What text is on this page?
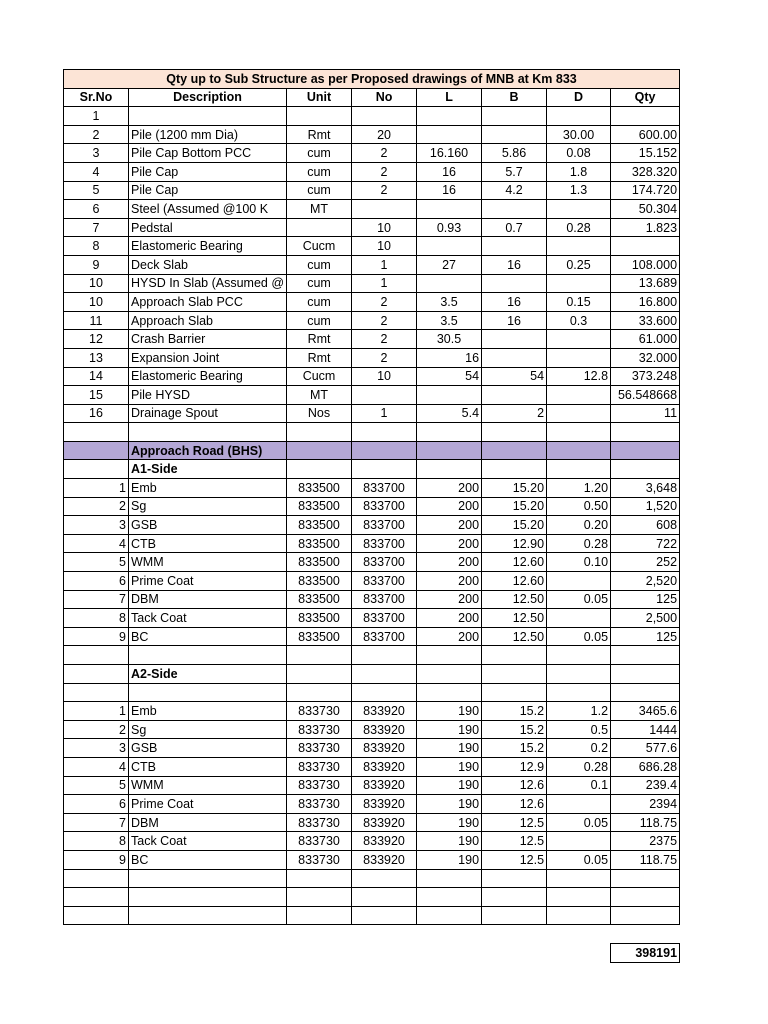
Qty up to Sub Structure as per Proposed drawings of MNB at Km 833							
Sr.No	Description	Unit	No	L	B	D	Qty
1							
2	Pile (1200 mm Dia)	Rmt	20			30.00	600.00
3	Pile Cap Bottom PCC	cum	2	16.160	5.86	0.08	15.152
4	Pile Cap	cum	2	16	5.7	1.8	328.320
5	Pile Cap	cum	2	16	4.2	1.3	174.720
6	Steel (Assumed @100 K	MT					50.304
7	Pedstal		10	0.93	0.7	0.28	1.823
8	Elastomeric Bearing	Cucm	10				
9	Deck Slab	cum	1	27	16	0.25	108.000
10	HYSD In Slab (Assumed @	cum	1				13.689
10	Approach Slab PCC	cum	2	3.5	16	0.15	16.800
11	Approach Slab	cum	2	3.5	16	0.3	33.600
12	Crash Barrier	Rmt	2	30.5			61.000
13	Expansion Joint	Rmt	2	16			32.000
14	Elastomeric Bearing	Cucm	10	54	54	12.8	373.248
15	Pile HYSD	MT					56.548668
16	Drainage Spout	Nos	1	5.4	2		11

	Approach Road (BHS)						
	A1-Side						
1	Emb	833500	833700	200	15.20	1.20	3,648
2	Sg	833500	833700	200	15.20	0.50	1,520
3	GSB	833500	833700	200	15.20	0.20	608
4	CTB	833500	833700	200	12.90	0.28	722
5	WMM	833500	833700	200	12.60	0.10	252
6	Prime Coat	833500	833700	200	12.60		2,520
7	DBM	833500	833700	200	12.50	0.05	125
8	Tack Coat	833500	833700	200	12.50		2,500
9	BC	833500	833700	200	12.50	0.05	125

	A2-Side						

1	Emb	833730	833920	190	15.2	1.2	3465.6
2	Sg	833730	833920	190	15.2	0.5	1444
3	GSB	833730	833920	190	15.2	0.2	577.6
4	CTB	833730	833920	190	12.9	0.28	686.28
5	WMM	833730	833920	190	12.6	0.1	239.4
6	Prime Coat	833730	833920	190	12.6		2394
7	DBM	833730	833920	190	12.5	0.05	118.75
8	Tack Coat	833730	833920	190	12.5		2375
9	BC	833730	833920	190	12.5	0.05	118.75

							398191
